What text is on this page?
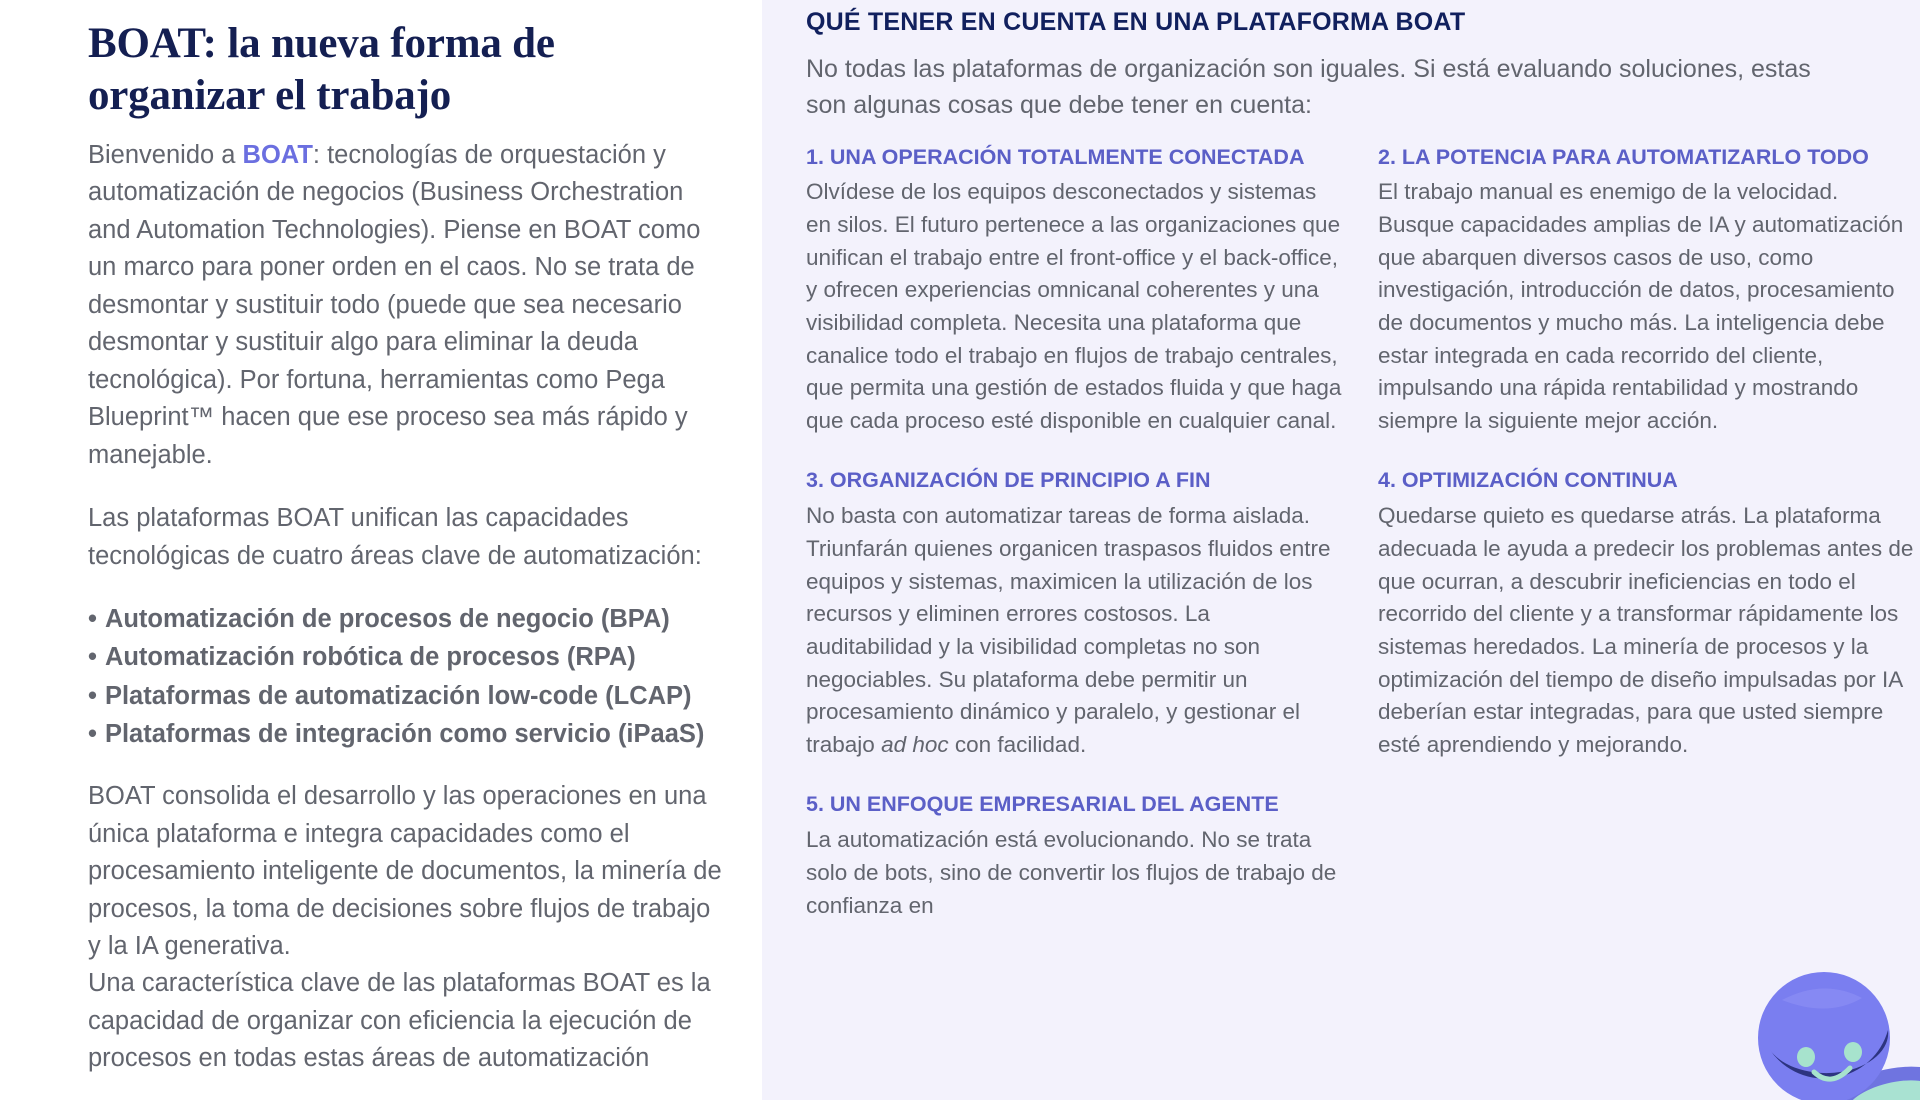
BOAT: la nueva forma de organizar el trabajo

Bienvenido a BOAT: tecnologías de orquestación y automatización de negocios (Business Orchestration and Automation Technologies). Piense en BOAT como un marco para poner orden en el caos. No se trata de desmontar y sustituir todo (puede que sea necesario desmontar y sustituir algo para eliminar la deuda tecnológica). Por fortuna, herramientas como Pega Blueprint™ hacen que ese proceso sea más rápido y manejable.

Las plataformas BOAT unifican las capacidades tecnológicas de cuatro áreas clave de automatización:

• Automatización de procesos de negocio (BPA)
• Automatización robótica de procesos (RPA)
• Plataformas de automatización low-code (LCAP)
• Plataformas de integración como servicio (iPaaS)

BOAT consolida el desarrollo y las operaciones en una única plataforma e integra capacidades como el procesamiento inteligente de documentos, la minería de procesos, la toma de decisiones sobre flujos de trabajo y la IA generativa.

Una característica clave de las plataformas BOAT es la capacidad de organizar con eficiencia la ejecución de procesos en todas estas áreas de automatización

QUÉ TENER EN CUENTA EN UNA PLATAFORMA BOAT
No todas las plataformas de organización son iguales. Si está evaluando soluciones, estas son algunas cosas que debe tener en cuenta:
1. UNA OPERACIÓN TOTALMENTE CONECTADA
Olvídese de los equipos desconectados y sistemas en silos. El futuro pertenece a las organizaciones que unifican el trabajo entre el front-office y el back-office, y ofrecen experiencias omnicanal coherentes y una visibilidad completa. Necesita una plataforma que canalice todo el trabajo en flujos de trabajo centrales, que permita una gestión de estados fluida y que haga que cada proceso esté disponible en cualquier canal.
2. LA POTENCIA PARA AUTOMATIZARLO TODO
El trabajo manual es enemigo de la velocidad. Busque capacidades amplias de IA y automatización que abarquen diversos casos de uso, como investigación, introducción de datos, procesamiento de documentos y mucho más. La inteligencia debe estar integrada en cada recorrido del cliente, impulsando una rápida rentabilidad y mostrando siempre la siguiente mejor acción.
3. ORGANIZACIÓN DE PRINCIPIO A FIN
No basta con automatizar tareas de forma aislada. Triunfarán quienes organicen traspasos fluidos entre equipos y sistemas, maximicen la utilización de los recursos y eliminen errores costosos. La auditabilidad y la visibilidad completas no son negociables. Su plataforma debe permitir un procesamiento dinámico y paralelo, y gestionar el trabajo ad hoc con facilidad.
4. OPTIMIZACIÓN CONTINUA
Quedarse quieto es quedarse atrás. La plataforma adecuada le ayuda a predecir los problemas antes de que ocurran, a descubrir ineficiencias en todo el recorrido del cliente y a transformar rápidamente los sistemas heredados. La minería de procesos y la optimización del tiempo de diseño impulsadas por IA deberían estar integradas, para que usted siempre esté aprendiendo y mejorando.
5. UN ENFOQUE EMPRESARIAL DEL AGENTE
La automatización está evolucionando. No se trata solo de bots, sino de convertir los flujos de trabajo de confianza en
